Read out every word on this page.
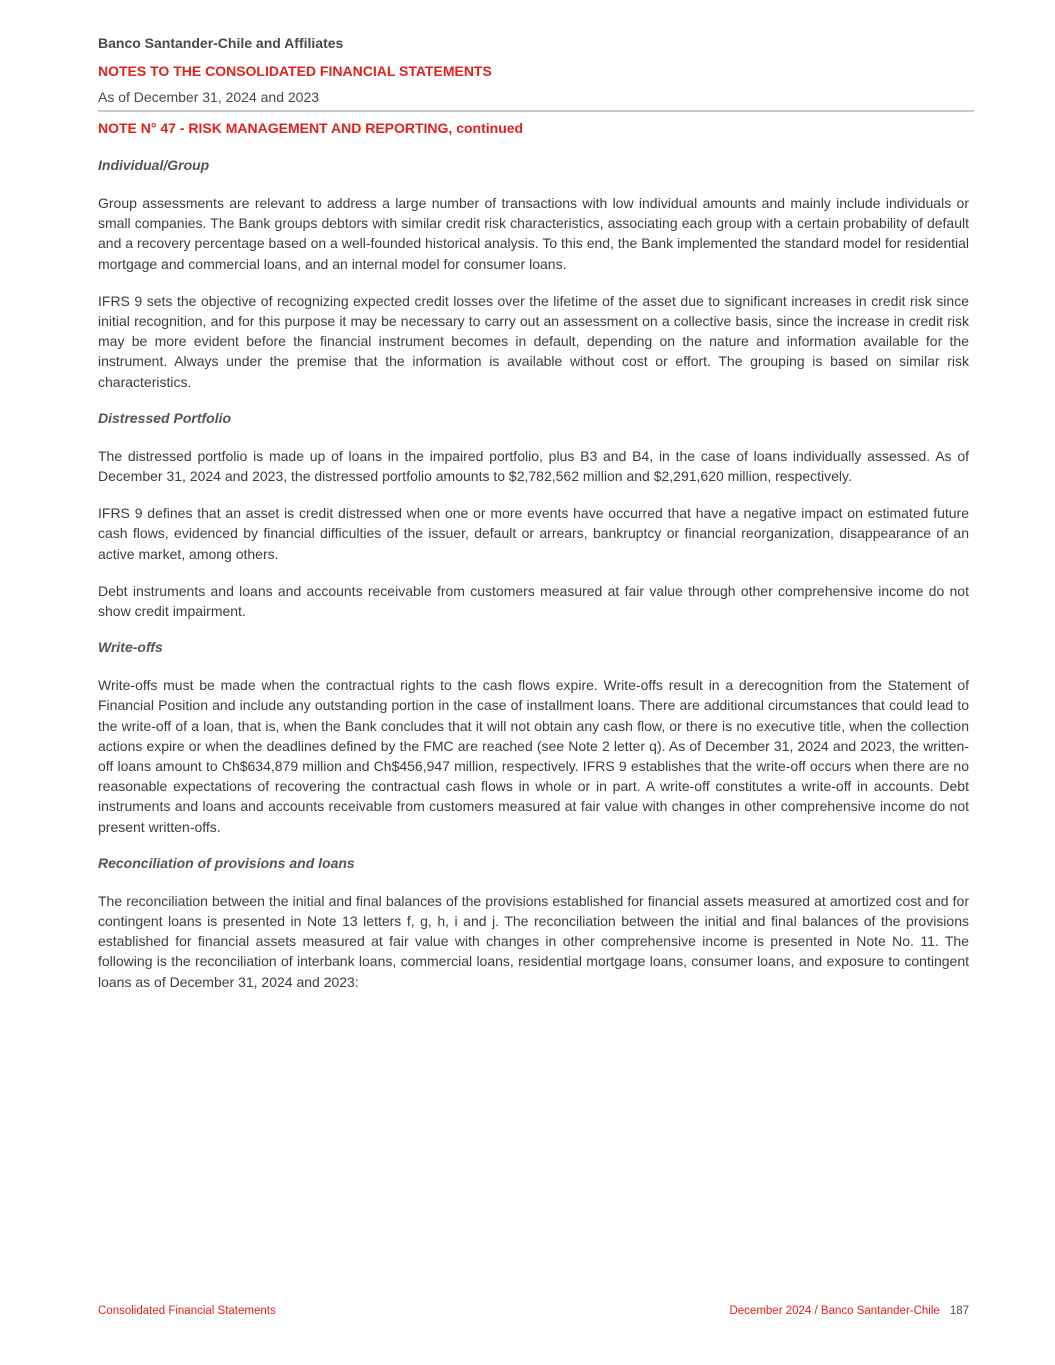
Banco Santander-Chile and Affiliates
NOTES TO THE CONSOLIDATED FINANCIAL STATEMENTS
As of December 31, 2024 and 2023
NOTE N° 47 - RISK MANAGEMENT AND REPORTING, continued
Individual/Group

Group assessments are relevant to address a large number of transactions with low individual amounts and mainly include individuals or small companies. The Bank groups debtors with similar credit risk characteristics, associating each group with a certain probability of default and a recovery percentage based on a well-founded historical analysis. To this end, the Bank implemented the standard model for residential mortgage and commercial loans, and an internal model for consumer loans.

IFRS 9 sets the objective of recognizing expected credit losses over the lifetime of the asset due to significant increases in credit risk since initial recognition, and for this purpose it may be necessary to carry out an assessment on a collective basis, since the increase in credit risk may be more evident before the financial instrument becomes in default, depending on the nature and information available for the instrument. Always under the premise that the information is available without cost or effort. The grouping is based on similar risk characteristics.

Distressed Portfolio

The distressed portfolio is made up of loans in the impaired portfolio, plus B3 and B4, in the case of loans individually assessed. As of December 31, 2024 and 2023, the distressed portfolio amounts to $2,782,562 million and $2,291,620 million, respectively.

IFRS 9 defines that an asset is credit distressed when one or more events have occurred that have a negative impact on estimated future cash flows, evidenced by financial difficulties of the issuer, default or arrears, bankruptcy or financial reorganization, disappearance of an active market, among others.

Debt instruments and loans and accounts receivable from customers measured at fair value through other comprehensive income do not show credit impairment.

Write-offs

Write-offs must be made when the contractual rights to the cash flows expire. Write-offs result in a derecognition from the Statement of Financial Position and include any outstanding portion in the case of installment loans. There are additional circumstances that could lead to the write-off of a loan, that is, when the Bank concludes that it will not obtain any cash flow, or there is no executive title, when the collection actions expire or when the deadlines defined by the FMC are reached (see Note 2 letter q). As of December 31, 2024 and 2023, the written-off loans amount to Ch$634,879 million and Ch$456,947 million, respectively. IFRS 9 establishes that the write-off occurs when there are no reasonable expectations of recovering the contractual cash flows in whole or in part. A write-off constitutes a write-off in accounts. Debt instruments and loans and accounts receivable from customers measured at fair value with changes in other comprehensive income do not present written-offs.

Reconciliation of provisions and loans

The reconciliation between the initial and final balances of the provisions established for financial assets measured at amortized cost and for contingent loans is presented in Note 13 letters f, g, h, i and j. The reconciliation between the initial and final balances of the provisions established for financial assets measured at fair value with changes in other comprehensive income is presented in Note No. 11. The following is the reconciliation of interbank loans, commercial loans, residential mortgage loans, consumer loans, and exposure to contingent loans as of December 31, 2024 and 2023:

Consolidated Financial Statements	December 2024 / Banco Santander-Chile 187
